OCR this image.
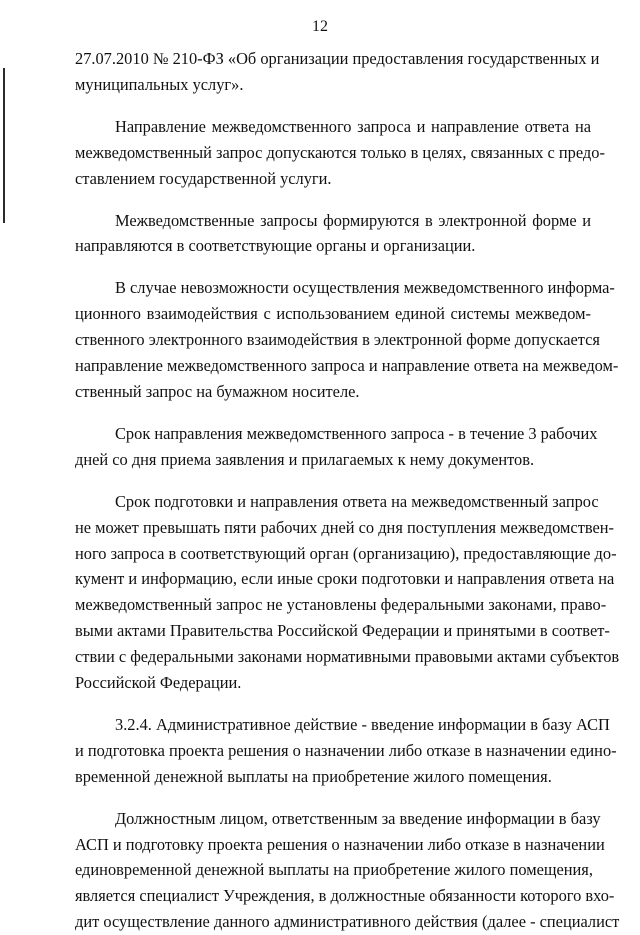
12
27.07.2010 № 210-ФЗ «Об организации предоставления государственных и
муниципальных услуг».
Направление межведомственного запроса и направление ответа на
межведомственный запрос допускаются только в целях, связанных с предо-
ставлением государственной услуги.
Межведомственные запросы формируются в электронной форме и
направляются в соответствующие органы и организации.
В случае невозможности осуществления межведомственного информа-
ционного взаимодействия с использованием единой системы межведом-
ственного электронного взаимодействия в электронной форме допускается
направление межведомственного запроса и направление ответа на межведом-
ственный запрос на бумажном носителе.
Срок направления межведомственного запроса - в течение 3 рабочих
дней со дня приема заявления и прилагаемых к нему документов.
Срок подготовки и направления ответа на межведомственный запрос
не может превышать пяти рабочих дней со дня поступления межведомствен-
ного запроса в соответствующий орган (организацию), предоставляющие до-
кумент и информацию, если иные сроки подготовки и направления ответа на
межведомственный запрос не установлены федеральными законами, право-
выми актами Правительства Российской Федерации и принятыми в соответ-
ствии с федеральными законами нормативными правовыми актами субъектов
Российской Федерации.
3.2.4. Административное действие - введение информации в базу АСП
и подготовка проекта решения о назначении либо отказе в назначении едино-
временной денежной выплаты на приобретение жилого помещения.
Должностным лицом, ответственным за введение информации в базу
АСП и подготовку проекта решения о назначении либо отказе в назначении
единовременной денежной выплаты на приобретение жилого помещения,
является специалист Учреждения, в должностные обязанности которого вхо-
дит осуществление данного административного действия (далее - специалист
